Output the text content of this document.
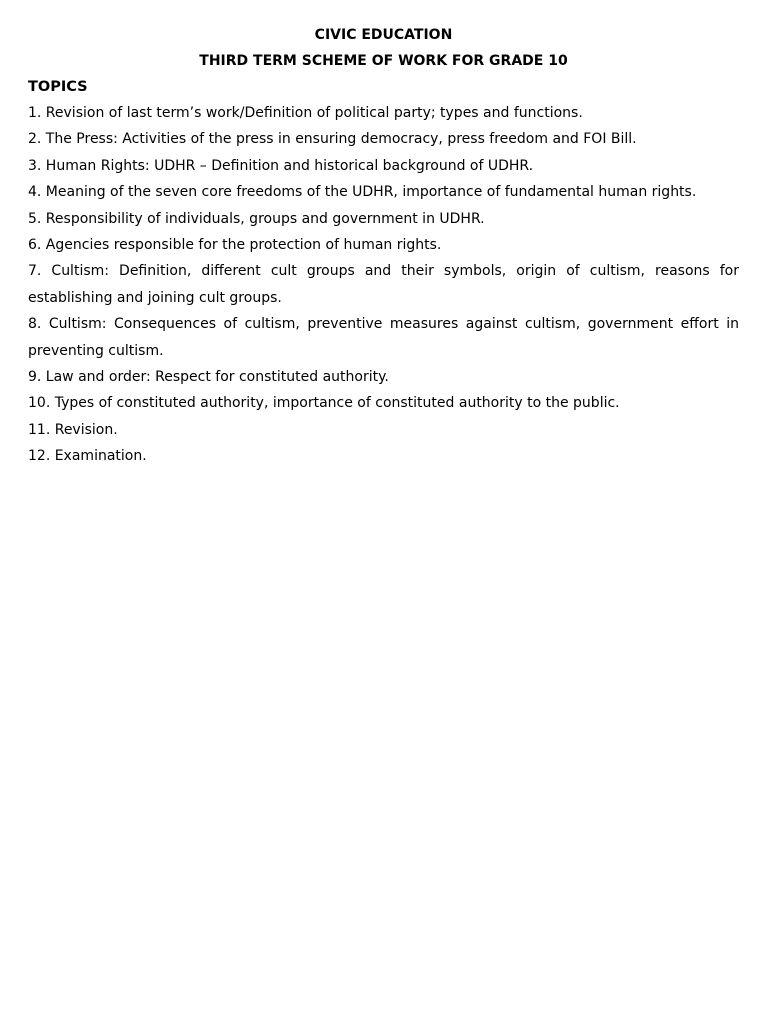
CIVIC EDUCATION

THIRD TERM SCHEME OF WORK FOR GRADE 10

TOPICS

1. Revision of last term’s work/Definition of political party; types and functions.
2. The Press: Activities of the press in ensuring democracy, press freedom and FOI Bill.
3. Human Rights: UDHR – Definition and historical background of UDHR.
4. Meaning of the seven core freedoms of the UDHR, importance of fundamental human rights.
5. Responsibility of individuals, groups and government in UDHR.
6. Agencies responsible for the protection of human rights.
7. Cultism: Definition, different cult groups and their symbols, origin of cultism, reasons for establishing and joining cult groups.
8. Cultism: Consequences of cultism, preventive measures against cultism, government effort in preventing cultism.
9. Law and order: Respect for constituted authority.
10. Types of constituted authority, importance of constituted authority to the public.
11. Revision.
12. Examination.
